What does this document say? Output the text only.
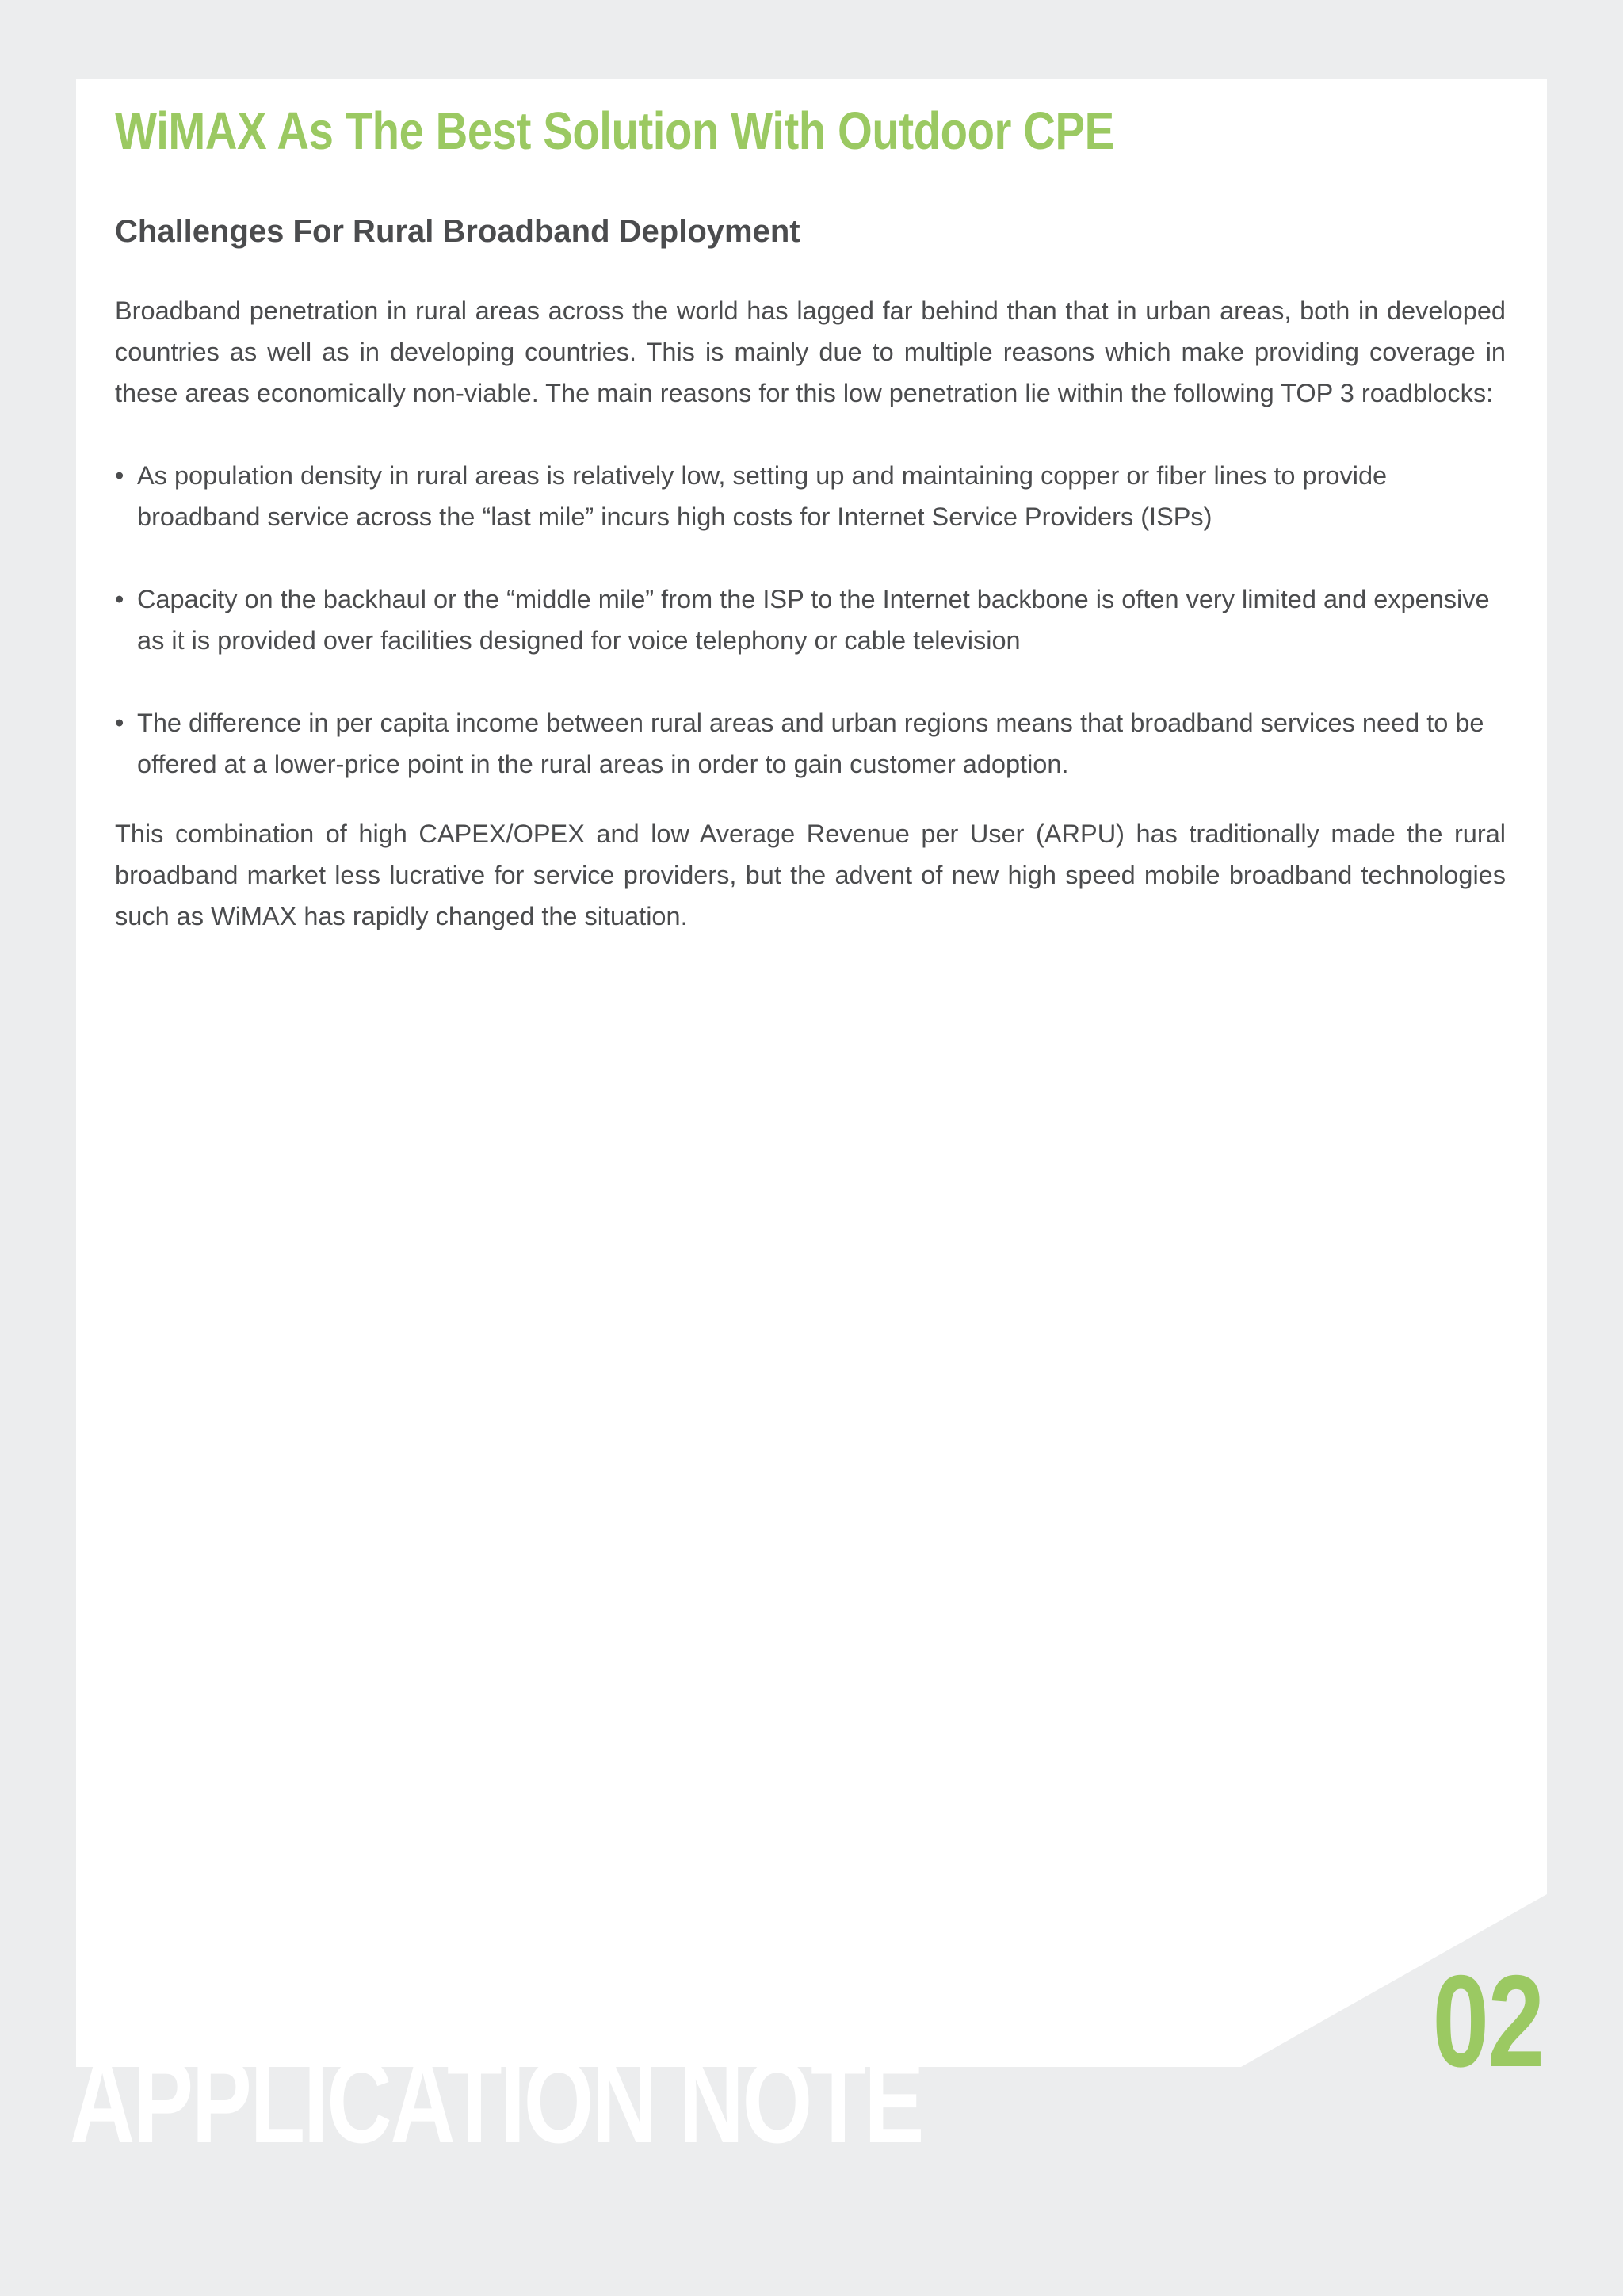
WiMAX As The Best Solution With Outdoor CPE
Challenges For Rural Broadband Deployment

Broadband penetration in rural areas across the world has lagged far behind than that in urban areas, both in developed countries as well as in developing countries. This is mainly due to multiple reasons which make providing coverage in these areas economically non-viable. The main reasons for this low penetration lie within the following TOP 3 roadblocks:

• As population density in rural areas is relatively low, setting up and maintaining copper or fiber lines to provide broadband service across the “last mile” incurs high costs for Internet Service Providers (ISPs)
• Capacity on the backhaul or the “middle mile” from the ISP to the Internet backbone is often very limited and expensive as it is provided over facilities designed for voice telephony or cable television
• The difference in per capita income between rural areas and urban regions means that broadband services need to be offered at a lower-price point in the rural areas in order to gain customer adoption.

This combination of high CAPEX/OPEX and low Average Revenue per User (ARPU) has traditionally made the rural broadband market less lucrative for service providers, but the advent of new high speed mobile broadband technologies such as WiMAX has rapidly changed the situation.

02
APPLICATION NOTE
